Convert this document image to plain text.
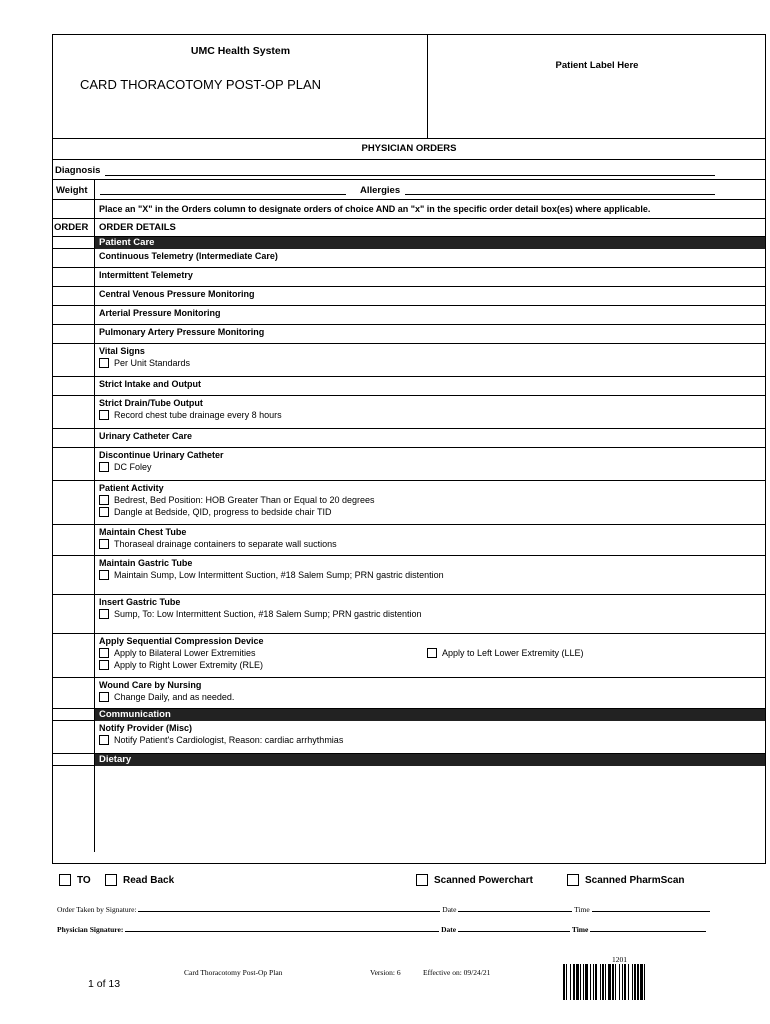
UMC Health System
CARD THORACOTOMY POST-OP PLAN
Patient Label Here
PHYSICIAN ORDERS
Diagnosis
Weight	Allergies
Place an "X" in the Orders column to designate orders of choice AND an "x" in the specific order detail box(es) where applicable.
ORDER	ORDER DETAILS
Patient Care
Continuous Telemetry (Intermediate Care)
Intermittent Telemetry
Central Venous Pressure Monitoring
Arterial Pressure Monitoring
Pulmonary Artery Pressure Monitoring
Vital Signs
Per Unit Standards
Strict Intake and Output
Strict Drain/Tube Output
Record chest tube drainage every 8 hours
Urinary Catheter Care
Discontinue Urinary Catheter
DC Foley
Patient Activity
Bedrest, Bed Position: HOB Greater Than or Equal to 20 degrees
Dangle at Bedside, QID, progress to bedside chair TID
Maintain Chest Tube
Thoraseal drainage containers to separate wall suctions
Maintain Gastric Tube
Maintain Sump, Low Intermittent Suction, #18 Salem Sump; PRN gastric distention
Insert Gastric Tube
Sump, To: Low Intermittent Suction, #18 Salem Sump; PRN gastric distention
Apply Sequential Compression Device
Apply to Bilateral Lower Extremities	Apply to Left Lower Extremity (LLE)
Apply to Right Lower Extremity (RLE)
Wound Care by Nursing
Change Daily, and as needed.
Communication
Notify Provider (Misc)
Notify Patient's Cardiologist, Reason: cardiac arrhythmias
Dietary
TO	Read Back	Scanned Powerchart	Scanned PharmScan
Order Taken by Signature:	Date	Time
Physician Signature:	Date	Time
1 of 13
Card Thoracotomy Post-Op Plan	Version: 6	Effective on: 09/24/21
1201
